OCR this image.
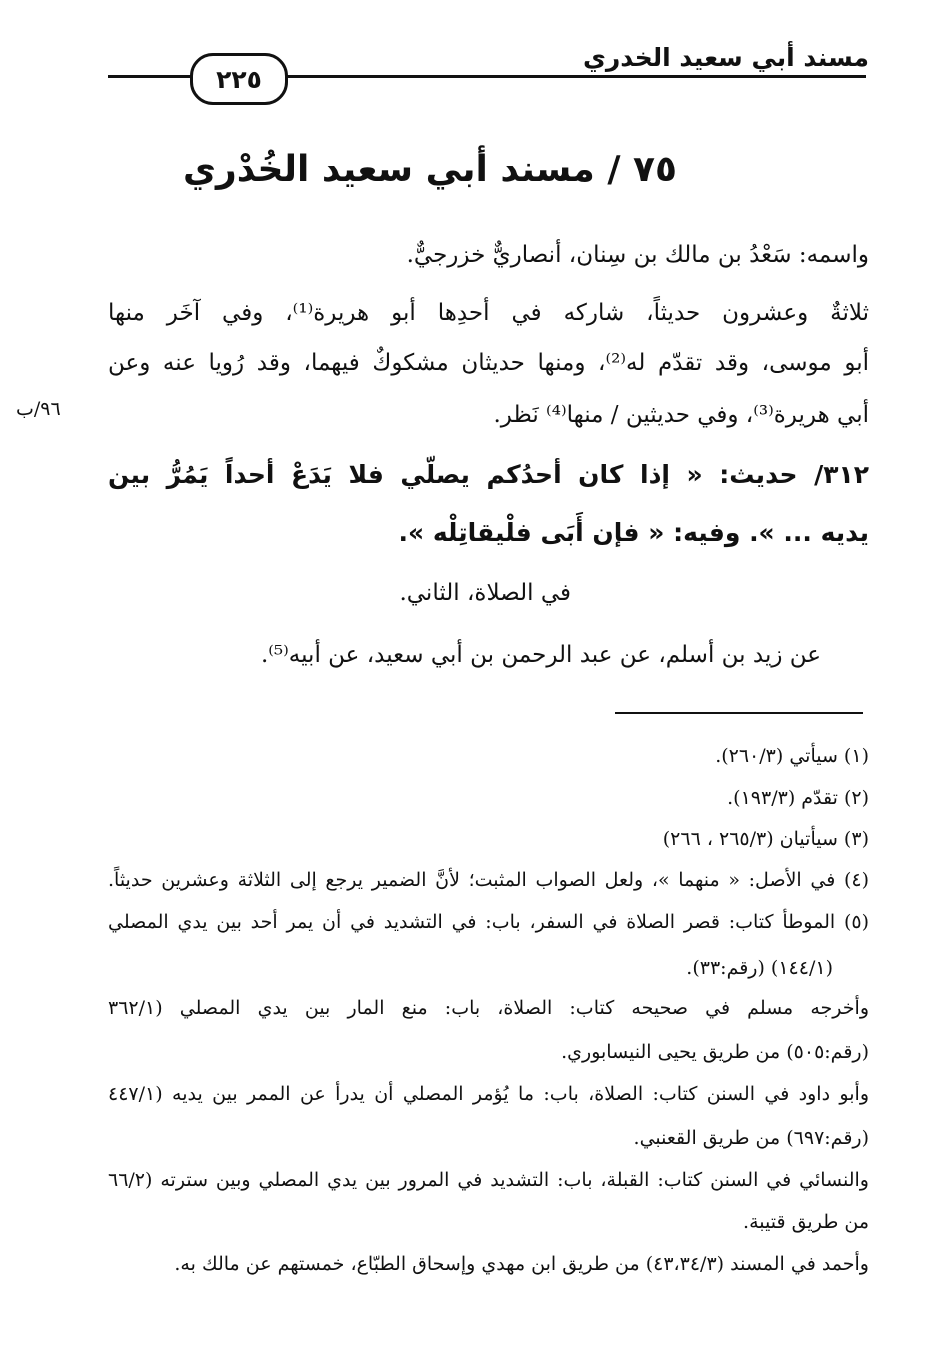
مسند أبي سعيد الخدري
٢٢٥
٧٥ / مسند أبي سعيد الخُدْري
واسمه: سَعْدُ بن مالك بن سِنان، أنصاريٌّ خزرجيٌّ.
ثلاثةٌ وعشرون حديثاً، شاركه في أحدِها أبو هريرة⁽¹⁾، وفي آخَر منها
أبو موسى، وقد تقدّم له⁽²⁾، ومنها حديثان مشكوكٌ فيهما، وقد رُويا عنه وعن
أبي هريرة⁽³⁾، وفي حديثين / منها⁽⁴⁾ نَظر.
٩٦/ب
٣١٢/ حديث: « إذا كان أحدُكم يصلّي فلا يَدَعْ أحداً يَمُرُّ بين
يديه ... ». وفيه: « فإن أَبَى فلْيقاتِلْه ».
في الصلاة، الثاني.
عن زيد بن أسلم، عن عبد الرحمن بن أبي سعيد، عن أبيه⁽⁵⁾.
(١) سيأتي (٢٦٠/٣).
(٢) تقدّم (١٩٣/٣).
(٣) سيأتيان (٢٦٥/٣ ، ٢٦٦)
(٤) في الأصل: « منهما »، ولعل الصواب المثبت؛ لأنَّ الضمير يرجع إلى الثلاثة وعشرين حديثاً.
(٥) الموطأ كتاب: قصر الصلاة في السفر، باب: في التشديد في أن يمر أحد بين يدي المصلي
(١٤٤/١) (رقم:٣٣).
وأخرجه مسلم في صحيحه كتاب: الصلاة، باب: منع المار بين يدي المصلي (٣٦٢/١
(رقم:٥٠٥) من طريق يحيى النيسابوري.
وأبو داود في السنن كتاب: الصلاة، باب: ما يُؤمر المصلي أن يدرأ عن الممر بين يديه (٤٤٧/١
(رقم:٦٩٧) من طريق القعنبي.
والنسائي في السنن كتاب: القبلة، باب: التشديد في المرور بين يدي المصلي وبين سترته (٦٦/٢
من طريق قتيبة.
وأحمد في المسند (٤٣،٣٤/٣) من طريق ابن مهدي وإسحاق الطبّاع، خمستهم عن مالك به.
